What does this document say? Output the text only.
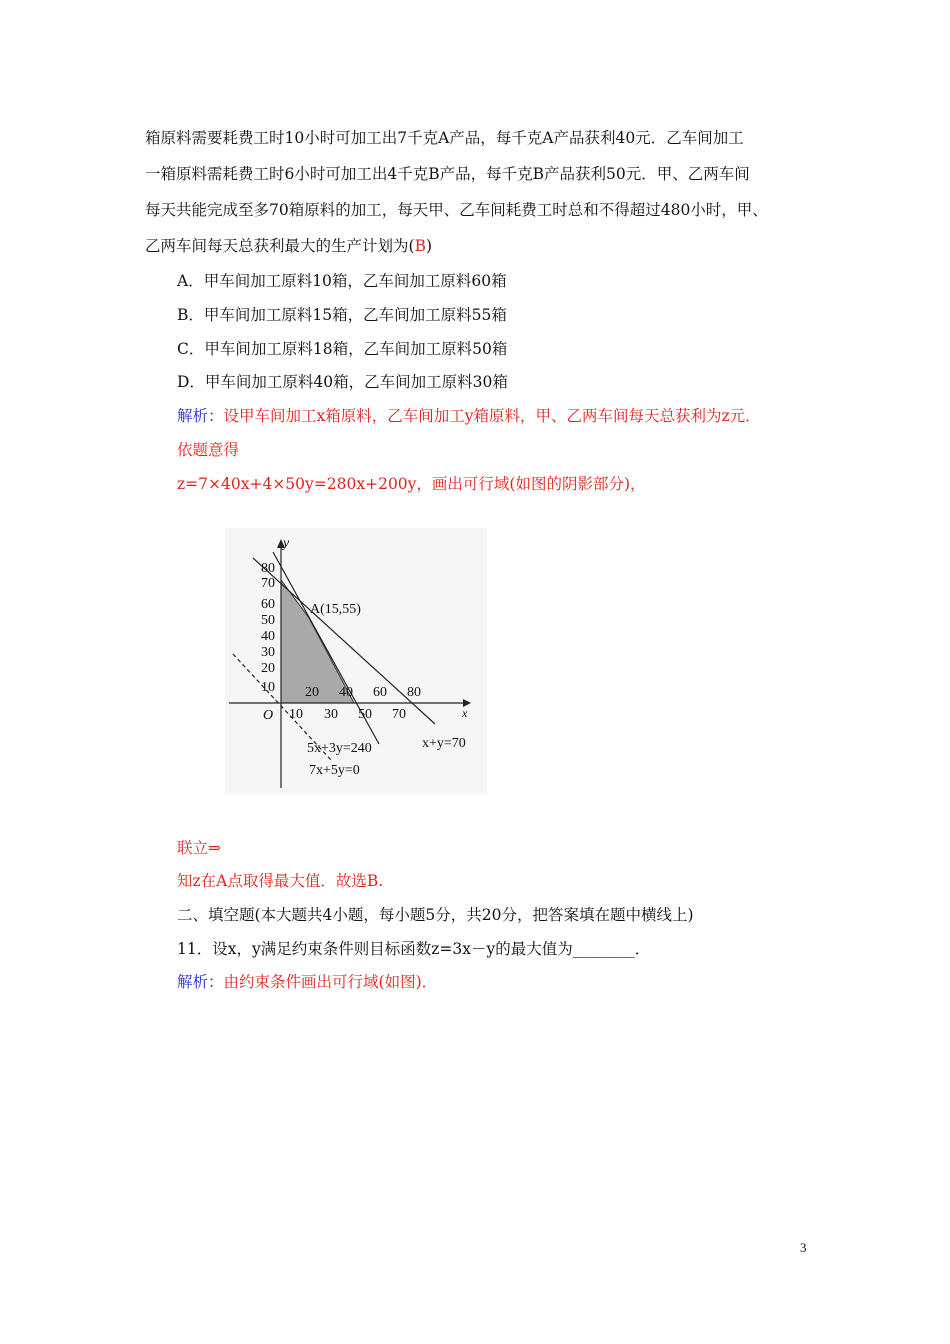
箱原料需要耗费工时10小时可加工出7千克A产品，每千克A产品获利40元．乙车间加工
一箱原料需耗费工时6小时可加工出4千克B产品，每千克B产品获利50元．甲、乙两车间
每天共能完成至多70箱原料的加工，每天甲、乙车间耗费工时总和不得超过480小时，甲、
乙两车间每天总获利最大的生产计划为(B)
A．甲车间加工原料10箱，乙车间加工原料60箱
B．甲车间加工原料15箱，乙车间加工原料55箱
C．甲车间加工原料18箱，乙车间加工原料50箱
D．甲车间加工原料40箱，乙车间加工原料30箱
解析：设甲车间加工x箱原料，乙车间加工y箱原料，甲、乙两车间每天总获利为z元．
依题意得
z=7×40x+4×50y=280x+200y，画出可行域(如图的阴影部分)，
y
x
O
80
70
60
50
40
30
20
10 20 40 60 80
10 30 50 70
A(15,55)
5x+3y=240	x+y=70
7x+5y=0
联立⇒
知z在A点取得最大值．故选B.
二、填空题(本大题共4小题，每小题5分，共20分，把答案填在题中横线上)
11．设x，y满足约束条件则目标函数z=3x－y的最大值为________．
解析：由约束条件画出可行域(如图)．
3
